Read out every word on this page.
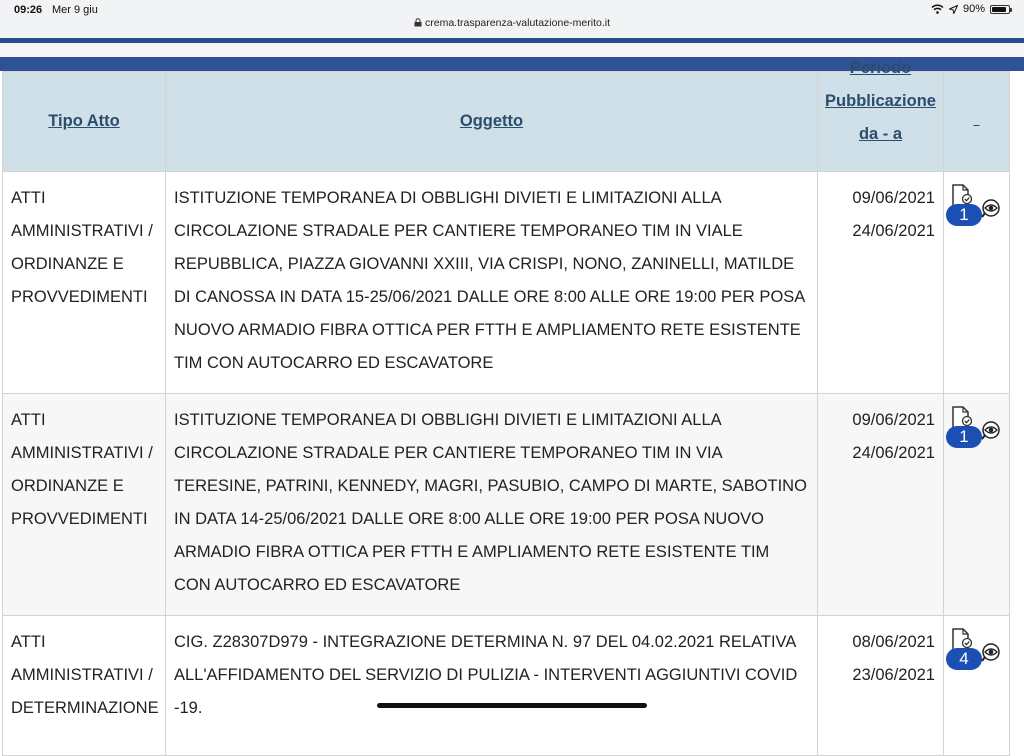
09:26 Mer 9 giu
crema.trasparenza-valutazione-merito.it
90%
Tipo Atto	Oggetto	Periodo
Pubblicazione
da - a	_
ATTI AMMINISTRATIVI / ORDINANZE E PROVVEDIMENTI	ISTITUZIONE TEMPORANEA DI OBBLIGHI DIVIETI E LIMITAZIONI ALLA CIRCOLAZIONE STRADALE PER CANTIERE TEMPORANEO TIM IN VIALE REPUBBLICA, PIAZZA GIOVANNI XXIII, VIA CRISPI, NONO, ZANINELLI, MATILDE DI CANOSSA IN DATA 15-25/06/2021 DALLE ORE 8:00 ALLE ORE 19:00 PER POSA NUOVO ARMADIO FIBRA OTTICA PER FTTH E AMPLIAMENTO RETE ESISTENTE TIM CON AUTOCARRO ED ESCAVATORE	09/06/2021
24/06/2021	1

ATTI AMMINISTRATIVI / ORDINANZE E PROVVEDIMENTI	ISTITUZIONE TEMPORANEA DI OBBLIGHI DIVIETI E LIMITAZIONI ALLA CIRCOLAZIONE STRADALE PER CANTIERE TEMPORANEO TIM IN VIA TERESINE, PATRINI, KENNEDY, MAGRI, PASUBIO, CAMPO DI MARTE, SABOTINO IN DATA 14-25/06/2021 DALLE ORE 8:00 ALLE ORE 19:00 PER POSA NUOVO ARMADIO FIBRA OTTICA PER FTTH E AMPLIAMENTO RETE ESISTENTE TIM CON AUTOCARRO ED ESCAVATORE	09/06/2021
24/06/2021	1

ATTI AMMINISTRATIVI / DETERMINAZIONE	CIG. Z28307D979 - INTEGRAZIONE DETERMINA N. 97 DEL 04.02.2021 RELATIVA ALL'AFFIDAMENTO DEL SERVIZIO DI PULIZIA - INTERVENTI AGGIUNTIVI COVID -19.	08/06/2021
23/06/2021	4
